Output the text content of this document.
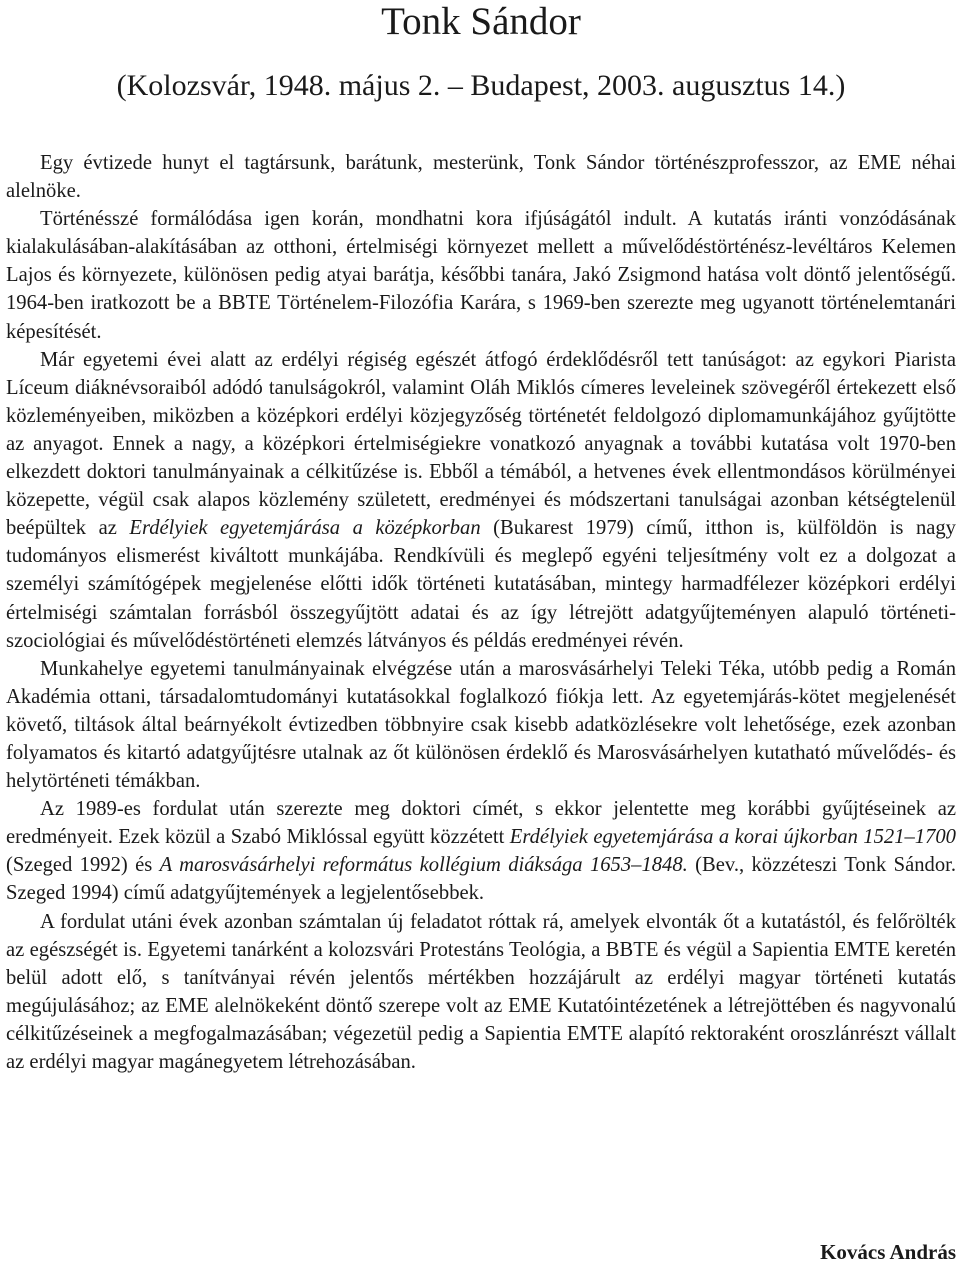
Tonk Sándor
(Kolozsvár, 1948. május 2. – Budapest, 2003. augusztus 14.)

Egy évtizede hunyt el tagtársunk, barátunk, mesterünk, Tonk Sándor történészprofesszor, az EME néhai alelnöke.

Történésszé formálódása igen korán, mondhatni kora ifjúságától indult. A kutatás iránti vonzódásának kialakulásában-alakításában az otthoni, értelmiségi környezet mellett a művelődéstörténész-levéltáros Kelemen Lajos és környezete, különösen pedig atyai barátja, későbbi tanára, Jakó Zsigmond hatása volt döntő jelentőségű. 1964-ben iratkozott be a BBTE Történelem-Filozófia Karára, s 1969-ben szerezte meg ugyanott történelemtanári képesítését.

Már egyetemi évei alatt az erdélyi régiség egészét átfogó érdeklődésről tett tanúságot: az egykori Piarista Líceum diáknévsoraiból adódó tanulságokról, valamint Oláh Miklós címeres leveleinek szövegéről értekezett első közleményeiben, miközben a középkori erdélyi közjegyzőség történetét feldolgozó diplomamunkájához gyűjtötte az anyagot. Ennek a nagy, a középkori értelmiségiekre vonatkozó anyagnak a további kutatása volt 1970-ben elkezdett doktori tanulmányainak a célkitűzése is. Ebből a témából, a hetvenes évek ellentmondásos körülményei közepette, végül csak alapos közlemény született, eredményei és módszertani tanulságai azonban kétségtelenül beépültek az Erdélyiek egyetemjárása a középkorban (Bukarest 1979) című, itthon is, külföldön is nagy tudományos elismerést kiváltott munkájába. Rendkívüli és meglepő egyéni teljesítmény volt ez a dolgozat a személyi számítógépek megjelenése előtti idők történeti kutatásában, mintegy harmadfélezer középkori erdélyi értelmiségi számtalan forrásból összegyűjtött adatai és az így létrejött adatgyűjteményen alapuló történeti-szociológiai és művelődéstörténeti elemzés látványos és példás eredményei révén.

Munkahelye egyetemi tanulmányainak elvégzése után a marosvásárhelyi Teleki Téka, utóbb pedig a Román Akadémia ottani, társadalomtudományi kutatásokkal foglalkozó fiókja lett. Az egyetemjárás-kötet megjelenését követő, tiltások által beárnyékolt évtizedben többnyire csak kisebb adatközlésekre volt lehetősége, ezek azonban folyamatos és kitartó adatgyűjtésre utalnak az őt különösen érdeklő és Marosvásárhelyen kutatható művelődés- és helytörténeti témákban.

Az 1989-es fordulat után szerezte meg doktori címét, s ekkor jelentette meg korábbi gyűjtéseinek az eredményeit. Ezek közül a Szabó Miklóssal együtt közzétett Erdélyiek egyetemjárása a korai újkorban 1521–1700 (Szeged 1992) és A marosvásárhelyi református kollégium diáksága 1653–1848. (Bev., közzéteszi Tonk Sándor. Szeged 1994) című adatgyűjtemények a legjelentősebbek.

A fordulat utáni évek azonban számtalan új feladatot róttak rá, amelyek elvonták őt a kutatástól, és felőrölték az egészségét is. Egyetemi tanárként a kolozsvári Protestáns Teológia, a BBTE és végül a Sapientia EMTE keretén belül adott elő, s tanítványai révén jelentős mértékben hozzájárult az erdélyi magyar történeti kutatás megújulásához; az EME alelnökeként döntő szerepe volt az EME Kutatóintézetének a létrejöttében és nagyvonalú célkitűzéseinek a megfogalmazásában; végezetül pedig a Sapientia EMTE alapító rektoraként oroszlánrészt vállalt az erdélyi magyar magánegyetem létrehozásában.

Kovács András
